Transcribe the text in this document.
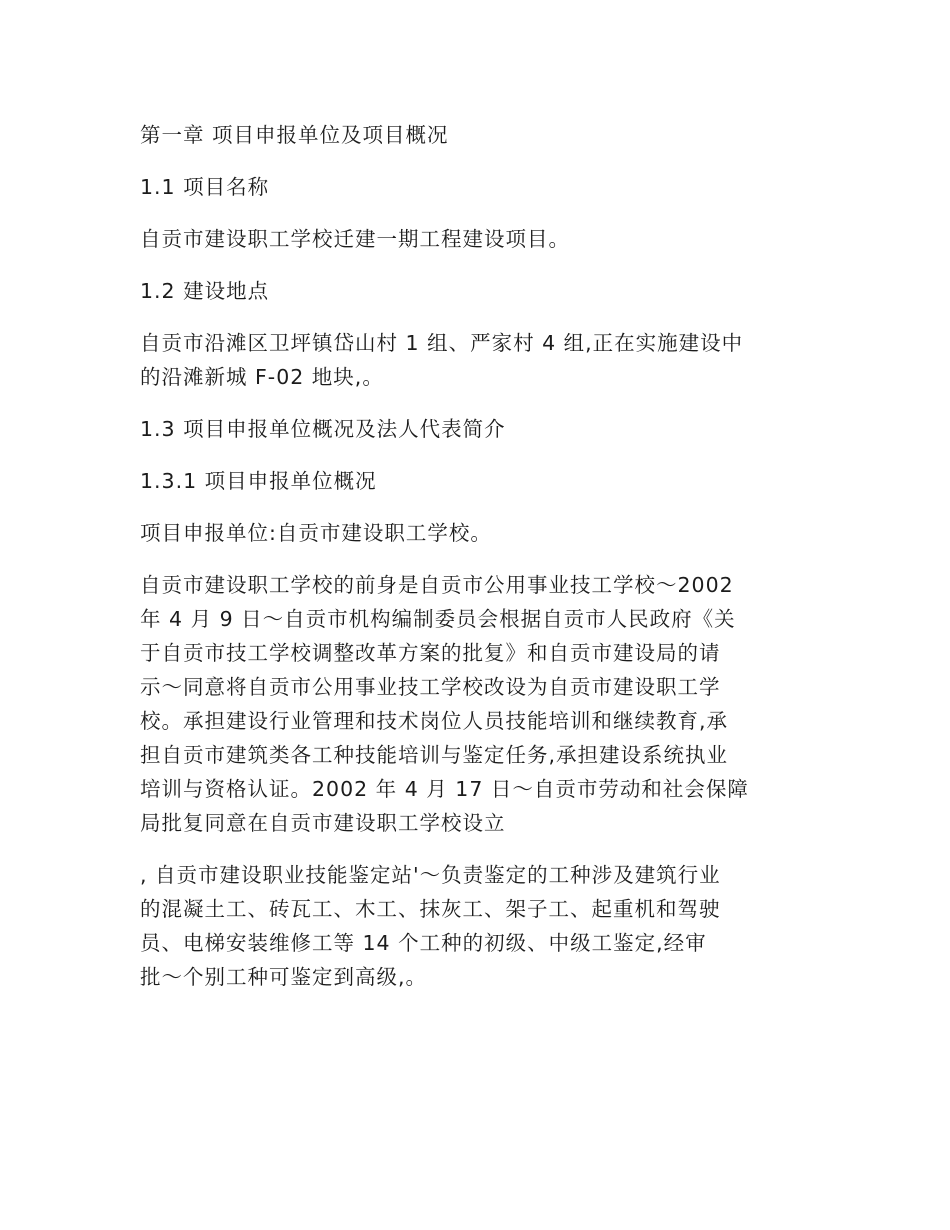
第一章 项目申报单位及项目概况

1.1 项目名称

自贡市建设职工学校迁建一期工程建设项目。

1.2 建设地点

自贡市沿滩区卫坪镇岱山村 1 组、严家村 4 组,正在实施建设中
的沿滩新城 F-02 地块,。

1.3 项目申报单位概况及法人代表简介

1.3.1 项目申报单位概况

项目申报单位:自贡市建设职工学校。

自贡市建设职工学校的前身是自贡市公用事业技工学校～2002
年 4 月 9 日～自贡市机构编制委员会根据自贡市人民政府《关
于自贡市技工学校调整改革方案的批复》和自贡市建设局的请
示～同意将自贡市公用事业技工学校改设为自贡市建设职工学
校。承担建设行业管理和技术岗位人员技能培训和继续教育,承
担自贡市建筑类各工种技能培训与鉴定任务,承担建设系统执业
培训与资格认证。2002 年 4 月 17 日～自贡市劳动和社会保障
局批复同意在自贡市建设职工学校设立

, 自贡市建设职业技能鉴定站'～负责鉴定的工种涉及建筑行业
的混凝土工、砖瓦工、木工、抹灰工、架子工、起重机和驾驶
员、电梯安装维修工等 14 个工种的初级、中级工鉴定,经审
批～个别工种可鉴定到高级,。
